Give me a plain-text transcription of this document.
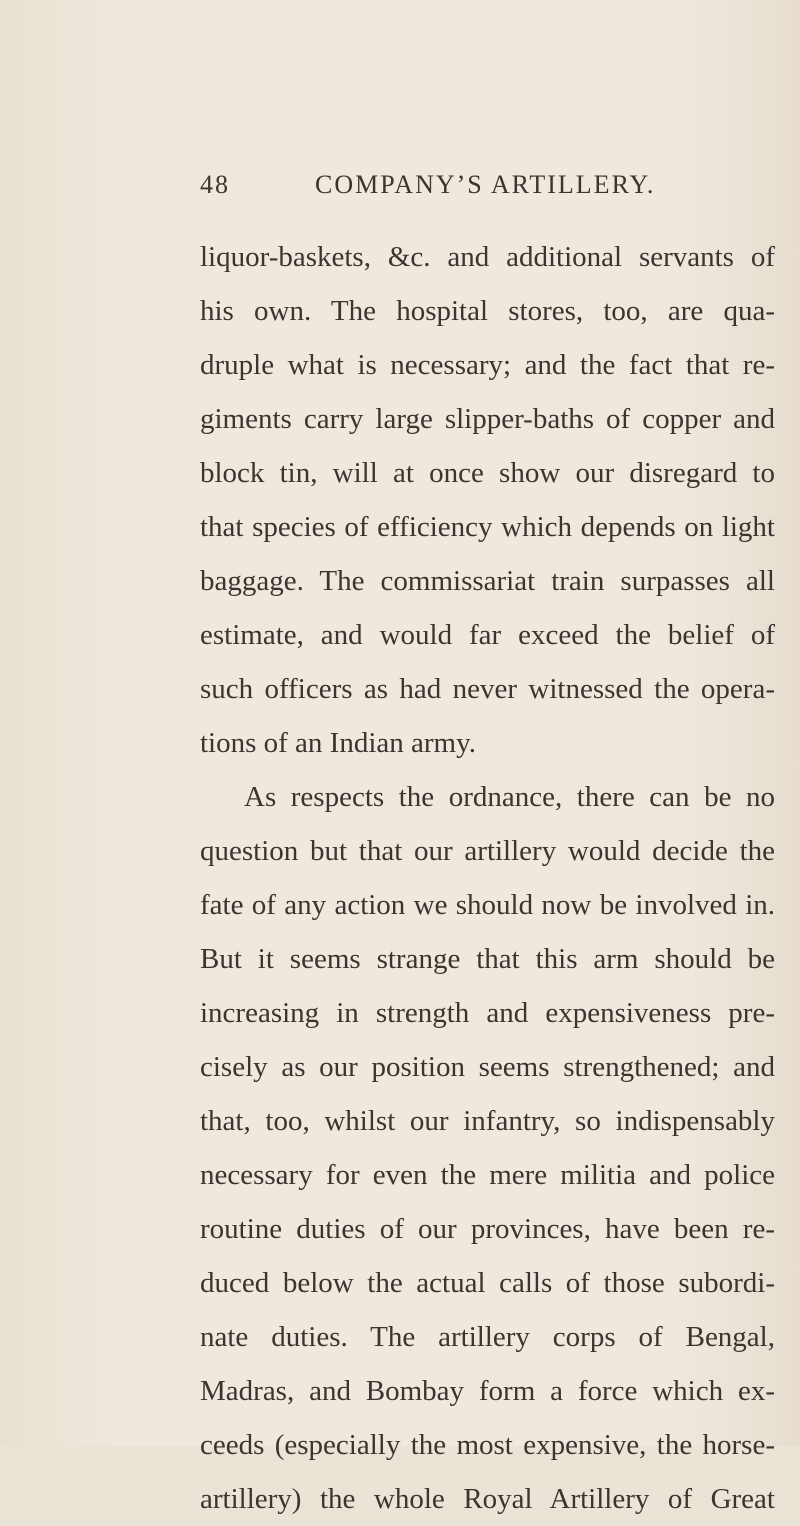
48	COMPANY’S ARTILLERY.
liquor-baskets, &c. and additional servants of
his own. The hospital stores, too, are qua-
druple what is necessary; and the fact that re-
giments carry large slipper-baths of copper and
block tin, will at once show our disregard to
that species of efficiency which depends on light
baggage. The commissariat train surpasses all
estimate, and would far exceed the belief of
such officers as had never witnessed the opera-
tions of an Indian army.
As respects the ordnance, there can be no
question but that our artillery would decide the
fate of any action we should now be involved in.
But it seems strange that this arm should be
increasing in strength and expensiveness pre-
cisely as our position seems strengthened; and
that, too, whilst our infantry, so indispensably
necessary for even the mere militia and police
routine duties of our provinces, have been re-
duced below the actual calls of those subordi-
nate duties. The artillery corps of Bengal,
Madras, and Bombay form a force which ex-
ceeds (especially the most expensive, the horse-
artillery) the whole Royal Artillery of Great
